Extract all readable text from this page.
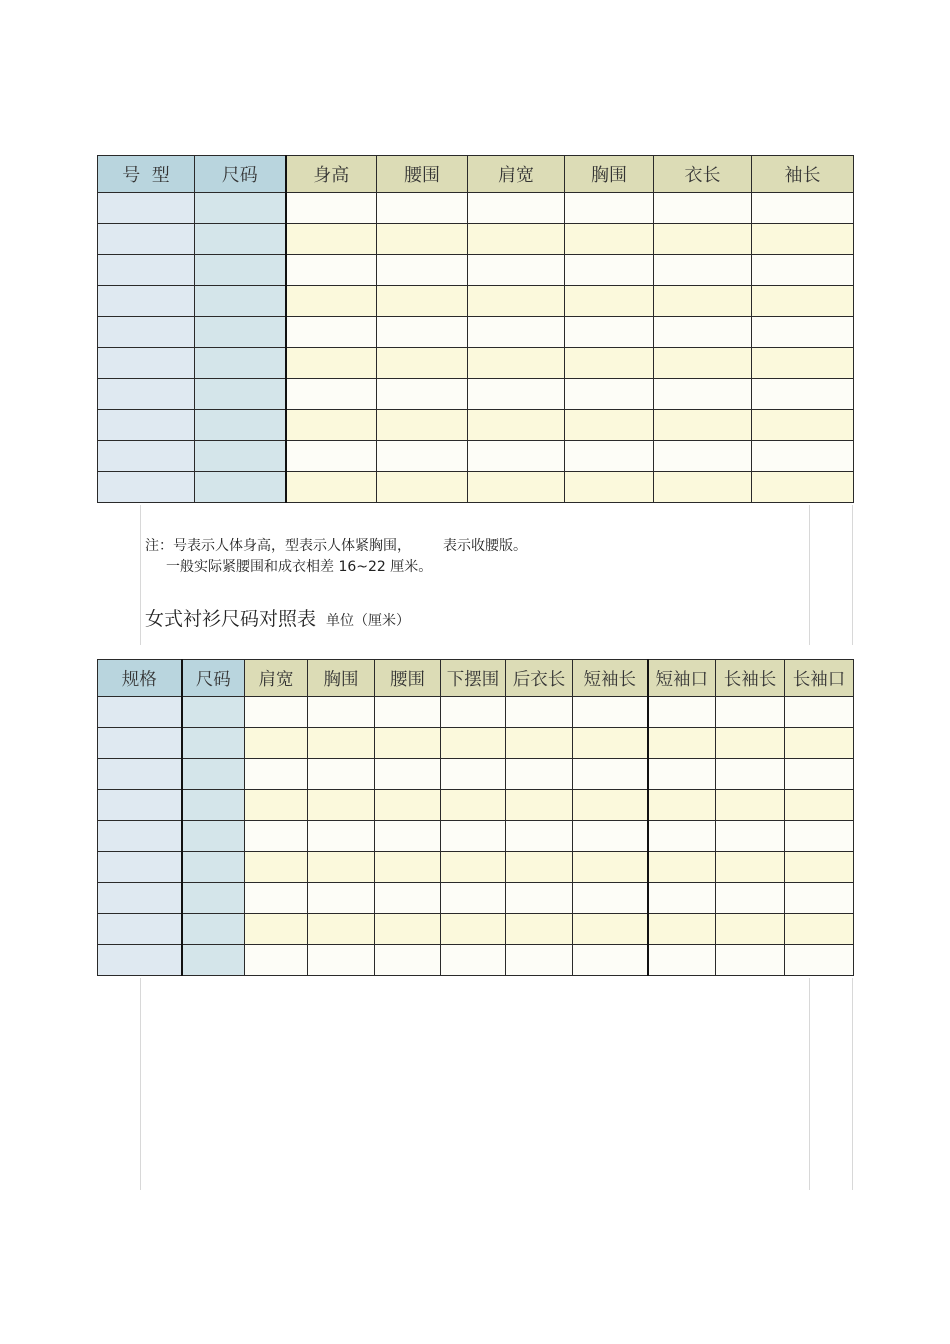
号  型	尺码	身高	腰围	肩宽	胸围	衣长	袖长

注：号表示人体身高，型表示人体紧胸围， 表示收腰版。
一般实际紧腰围和成衣相差 16~22 厘米。
女式衬衫尺码对照表 单位（厘米）
规格	尺码	肩宽	胸围	腰围	下摆围	后衣长	短袖长	短袖口	长袖长	长袖口
